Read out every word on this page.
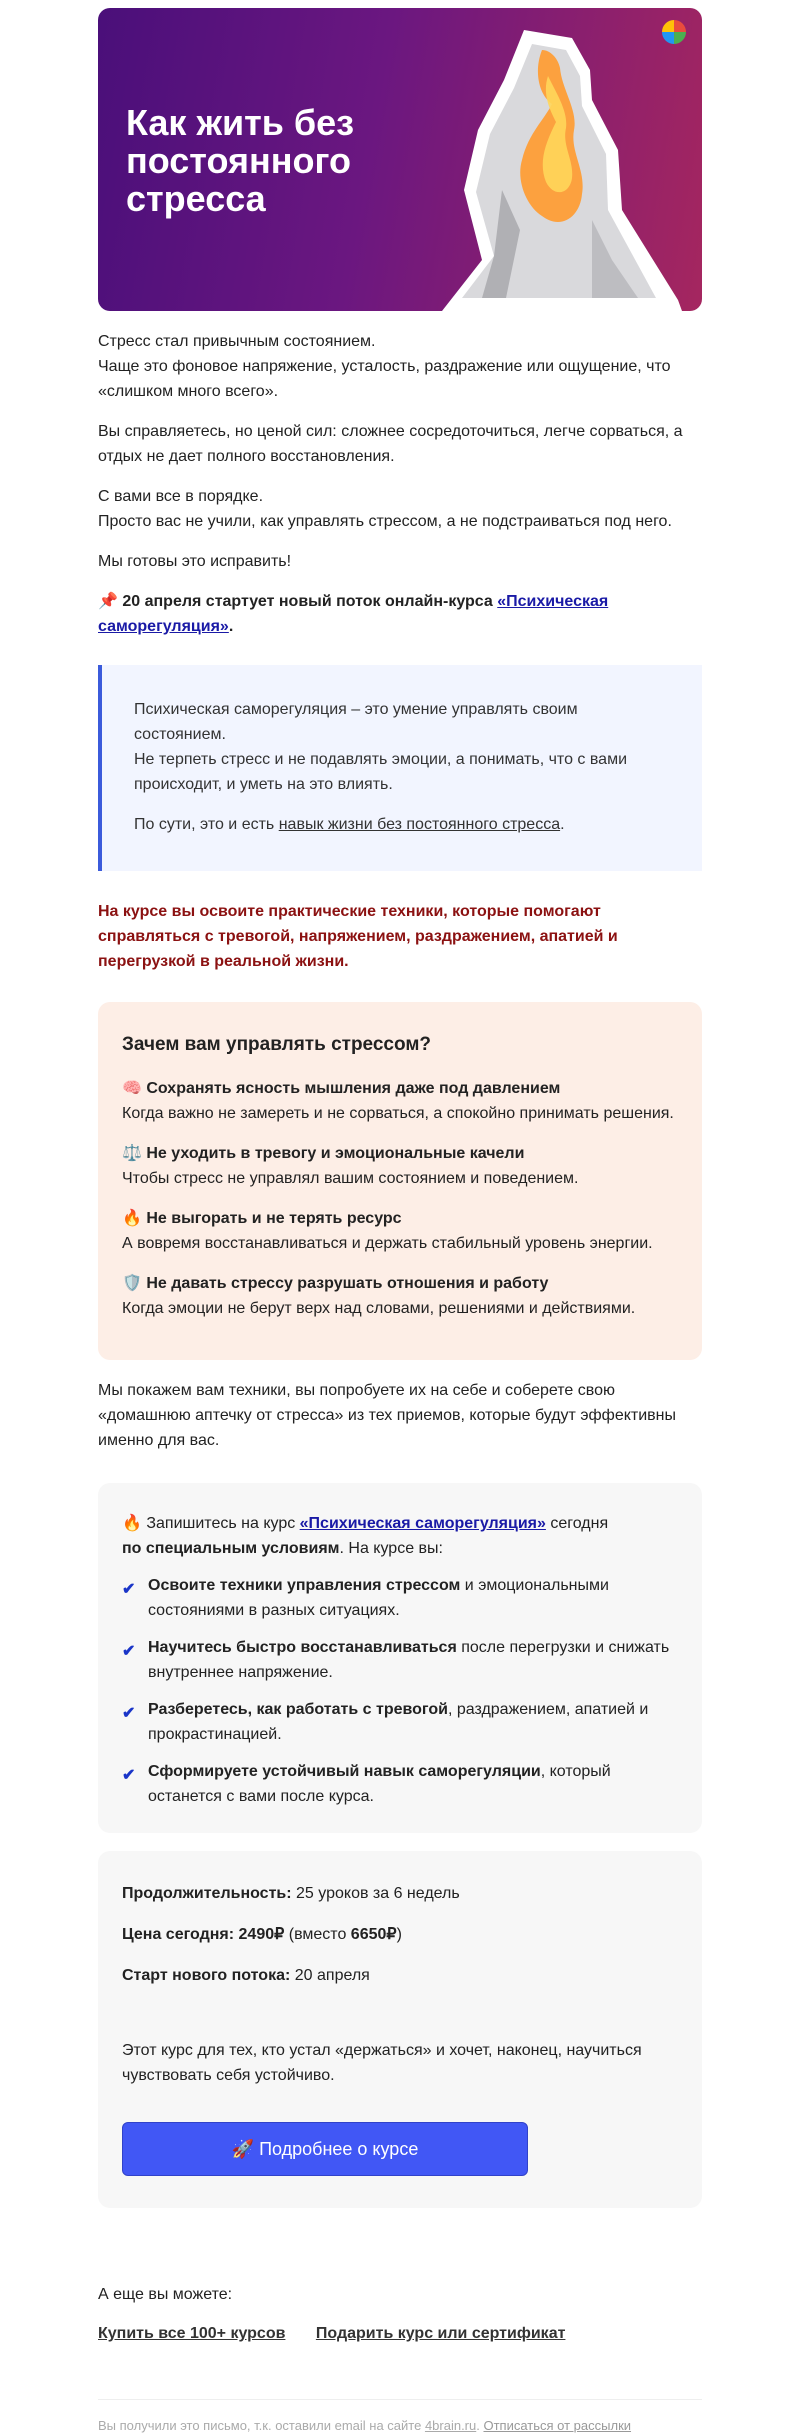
Как жить без
постоянного
стресса

Стресс стал привычным состоянием.
Чаще это фоновое напряжение, усталость, раздражение или ощущение, что «слишком много всего».

Вы справляетесь, но ценой сил: сложнее сосредоточиться, легче сорваться, а отдых не дает полного восстановления.

С вами все в порядке.
Просто вас не учили, как управлять стрессом, а не подстраиваться под него.

Мы готовы это исправить!

📌 20 апреля стартует новый поток онлайн-курса «Психическая саморегуляция».

Психическая саморегуляция – это умение управлять своим состоянием.
Не терпеть стресс и не подавлять эмоции, а понимать, что с вами происходит, и уметь на это влиять.

По сути, это и есть навык жизни без постоянного стресса.

На курсе вы освоите практические техники, которые помогают справляться с тревогой, напряжением, раздражением, апатией и перегрузкой в реальной жизни.

Зачем вам управлять стрессом?
🧠 Сохранять ясность мышления даже под давлением
Когда важно не замереть и не сорваться, а спокойно принимать решения.
⚖️ Не уходить в тревогу и эмоциональные качели
Чтобы стресс не управлял вашим состоянием и поведением.
🔥 Не выгорать и не терять ресурс
А вовремя восстанавливаться и держать стабильный уровень энергии.
🛡️ Не давать стрессу разрушать отношения и работу
Когда эмоции не берут верх над словами, решениями и действиями.

Мы покажем вам техники, вы попробуете их на себе и соберете свою «домашнюю аптечку от стресса» из тех приемов, которые будут эффективны именно для вас.

🔥 Запишитесь на курс «Психическая саморегуляция» сегодня
по специальным условиям. На курсе вы:

✔ Освоите техники управления стрессом и эмоциональными состояниями в разных ситуациях.
✔ Научитесь быстро восстанавливаться после перегрузки и снижать внутреннее напряжение.
✔ Разберетесь, как работать с тревогой, раздражением, апатией и прокрастинацией.
✔ Сформируете устойчивый навык саморегуляции, который останется с вами после курса.

Продолжительность: 25 уроков за 6 недель

Цена сегодня: 2490₽ (вместо 6650₽)

Старт нового потока: 20 апреля

Этот курс для тех, кто устал «держаться» и хочет, наконец, научиться чувствовать себя устойчиво.

🚀 Подробнее о курсе

А еще вы можете:

Купить все 100+ курсов Подарить курс или сертификат
Вы получили это письмо, т.к. оставили email на сайте 4brain.ru. Отписаться от рассылки
